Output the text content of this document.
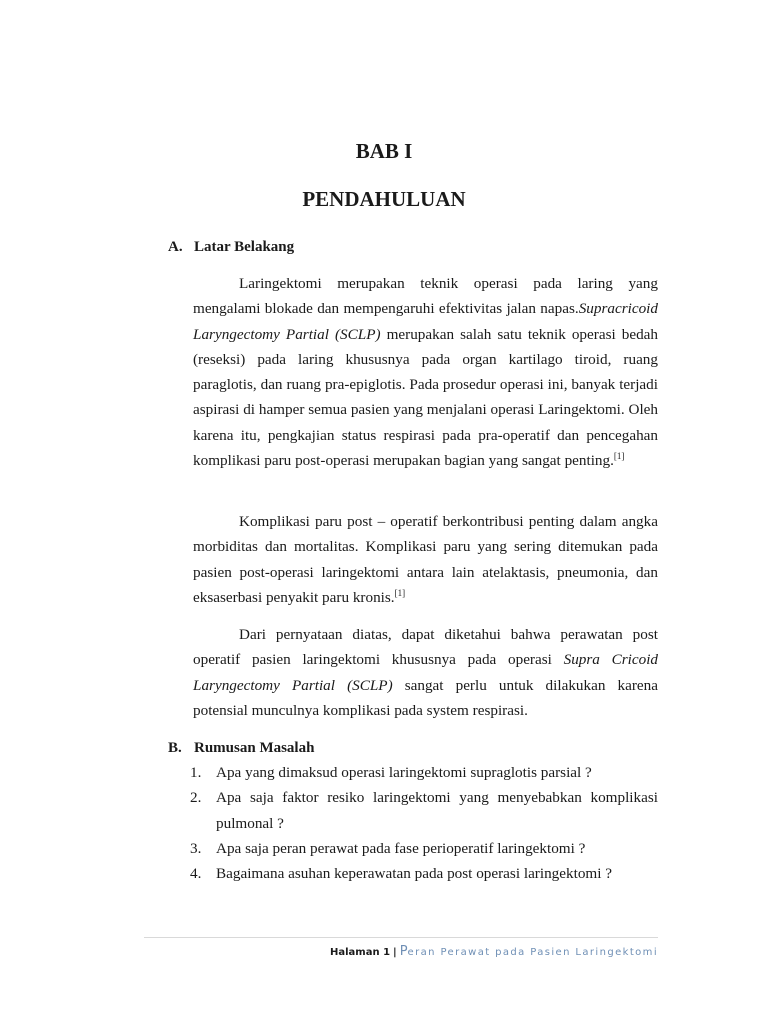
BAB I
PENDAHULUAN
A. Latar Belakang

Laringektomi merupakan teknik operasi pada laring yang mengalami blokade dan mempengaruhi efektivitas jalan napas.Supracricoid Laryngectomy Partial (SCLP) merupakan salah satu teknik operasi bedah (reseksi) pada laring khususnya pada organ kartilago tiroid, ruang paraglotis, dan ruang pra-epiglotis. Pada prosedur operasi ini, banyak terjadi aspirasi di hamper semua pasien yang menjalani operasi Laringektomi. Oleh karena itu, pengkajian status respirasi pada pra-operatif dan pencegahan komplikasi paru post-operasi merupakan bagian yang sangat penting.[1]

Komplikasi paru post – operatif berkontribusi penting dalam angka morbiditas dan mortalitas. Komplikasi paru yang sering ditemukan pada pasien post-operasi laringektomi antara lain atelaktasis, pneumonia, dan eksaserbasi penyakit paru kronis.[1]

Dari pernyataan diatas, dapat diketahui bahwa perawatan post operatif pasien laringektomi khususnya pada operasi Supra Cricoid Laryngectomy Partial (SCLP) sangat perlu untuk dilakukan karena potensial munculnya komplikasi pada system respirasi.

B. Rumusan Masalah
1. Apa yang dimaksud operasi laringektomi supraglotis parsial ?
2. Apa saja faktor resiko laringektomi yang menyebabkan komplikasi pulmonal ?
3. Apa saja peran perawat pada fase perioperatif laringektomi ?
4. Bagaimana asuhan keperawatan pada post operasi laringektomi ?
Halaman 1 | Peran Perawat pada Pasien Laringektomi
